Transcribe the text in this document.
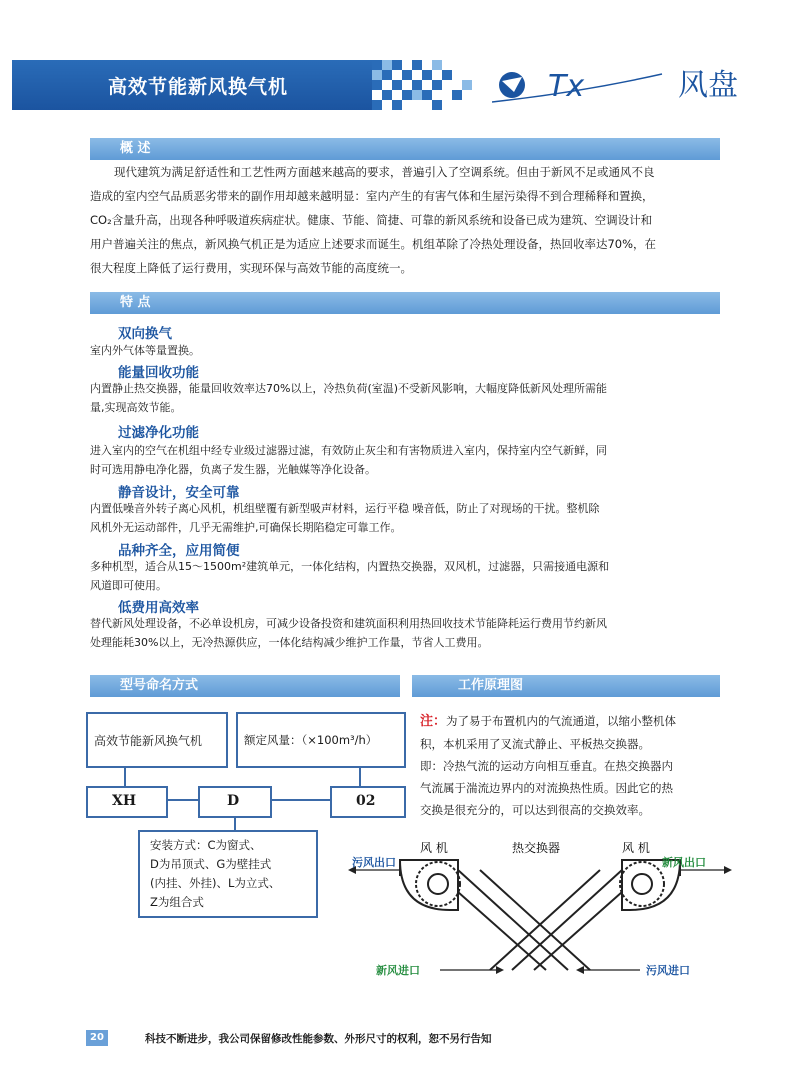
高效节能新风换气机	Tx	风盘
概 述
现代建筑为满足舒适性和工艺性两方面越来越高的要求，普遍引入了空调系统。但由于新风不足或通风不良
造成的室内空气品质恶劣带来的副作用却越来越明显：室内产生的有害气体和生屋污染得不到合理稀释和置换，
CO₂含量升高，出现各种呼吸道疾病症状。健康、节能、简捷、可靠的新风系统和设备已成为建筑、空调设计和
用户普遍关注的焦点，新风换气机正是为适应上述要求而诞生。机组革除了冷热处理设备，热回收率达70%，在
很大程度上降低了运行费用，实现环保与高效节能的高度统一。
特 点
双向换气
室内外气体等量置换。
能量回收功能
内置静止热交换器，能量回收效率达70%以上，冷热负荷(室温)不受新风影响，大幅度降低新风处理所需能
量,实现高效节能。
过滤净化功能
进入室内的空气在机组中经专业级过滤器过滤，有效防止灰尘和有害物质进入室内，保持室内空气新鲜，同
时可选用静电净化器，负离子发生器，光触媒等净化设备。
静音设计，安全可靠
内置低噪音外转子离心风机，机组壁覆有新型吸声材料，运行平稳 噪音低，防止了对现场的干扰。整机除
风机外无运动部件，几乎无需维护,可确保长期陷稳定可靠工作。
品种齐全，应用简便
多种机型，适合从15～1500m²建筑单元，一体化结构，内置热交换器，双风机，过滤器，只需接通电源和
风道即可使用。
低费用高效率
替代新风处理设备，不必单设机房，可减少设备投资和建筑面积利用热回收技术节能降耗运行费用节约新风
处理能耗30%以上，无冷热源供应，一体化结构减少维护工作量，节省人工费用。
型号命名方式
高效节能新风换气机	额定风量：（×100m³/h）
XH	D	02
安装方式：C为窗式、
D为吊顶式、G为壁挂式
(内挂、外挂)、L为立式、
Z为组合式
工作原理图
注：为了易于布置机内的气流通道，以缩小整机体
积，本机采用了叉流式静止、平板热交换器。
即：冷热气流的运动方向相互垂直。在热交换器内
气流属于湍流边界内的对流换热性质。因此它的热
交换是很充分的，可以达到很高的交换效率。
风 机	热交换器	风 机
污风出口	新风出口
新风进口	污风进口
20	科技不断进步，我公司保留修改性能参数、外形尺寸的权利，恕不另行告知
